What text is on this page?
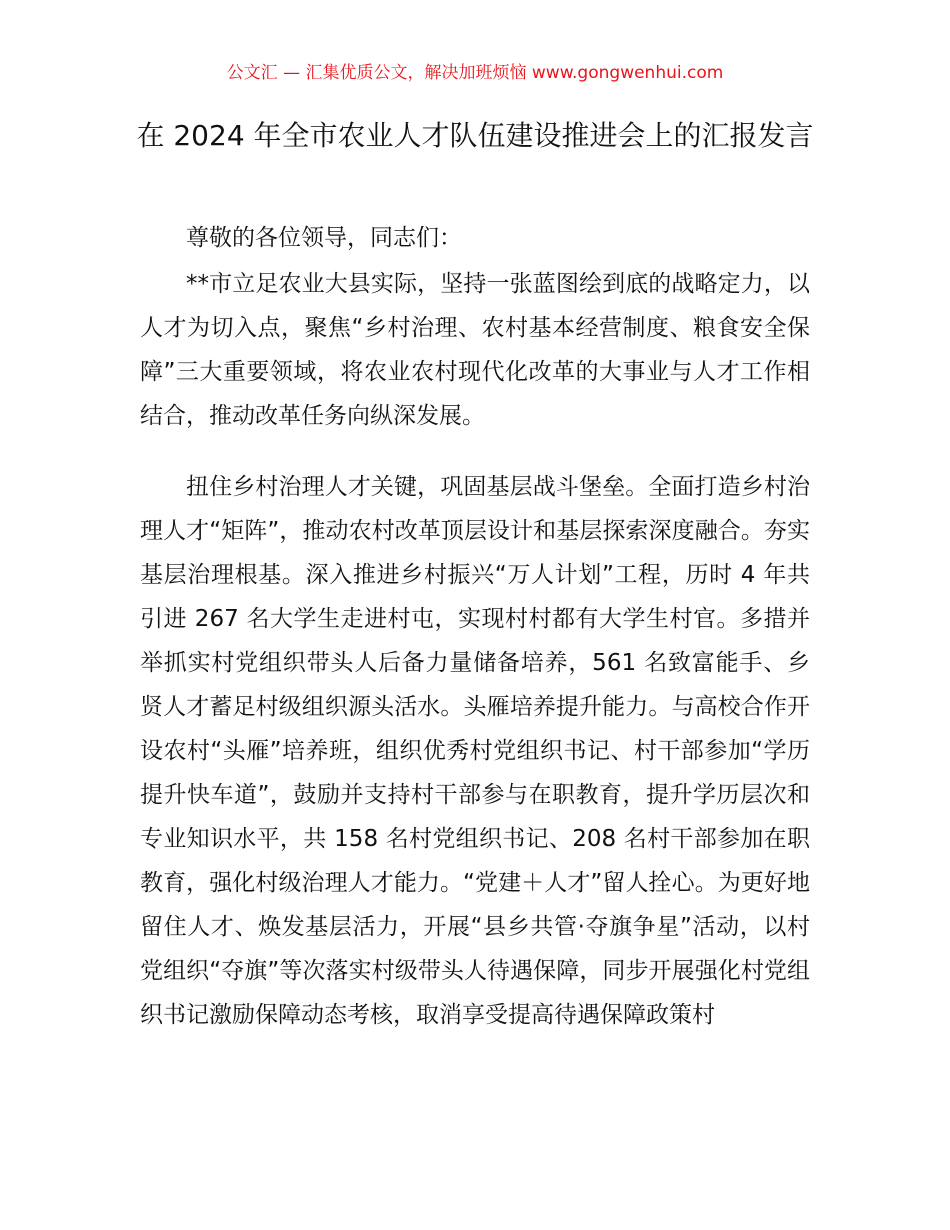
公文汇 — 汇集优质公文，解决加班烦恼 www.gongwenhui.com
在 2024 年全市农业人才队伍建设推进会上的汇报发言

尊敬的各位领导，同志们：

**市立足农业大县实际，坚持一张蓝图绘到底的战略定力，以人才为切入点，聚焦“乡村治理、农村基本经营制度、粮食安全保障”三大重要领域，将农业农村现代化改革的大事业与人才工作相结合，推动改革任务向纵深发展。

扭住乡村治理人才关键，巩固基层战斗堡垒。全面打造乡村治理人才“矩阵”，推动农村改革顶层设计和基层探索深度融合。夯实基层治理根基。深入推进乡村振兴“万人计划”工程，历时 4 年共引进 267 名大学生走进村屯，实现村村都有大学生村官。多措并举抓实村党组织带头人后备力量储备培养，561 名致富能手、乡贤人才蓄足村级组织源头活水。头雁培养提升能力。与高校合作开设农村“头雁”培养班，组织优秀村党组织书记、村干部参加“学历提升快车道”，鼓励并支持村干部参与在职教育，提升学历层次和专业知识水平，共 158 名村党组织书记、208 名村干部参加在职教育，强化村级治理人才能力。“党建＋人才”留人拴心。为更好地留住人才、焕发基层活力，开展“县乡共管·夺旗争星”活动，以村党组织“夺旗”等次落实村级带头人待遇保障，同步开展强化村党组织书记激励保障动态考核，取消享受提高待遇保障政策村
